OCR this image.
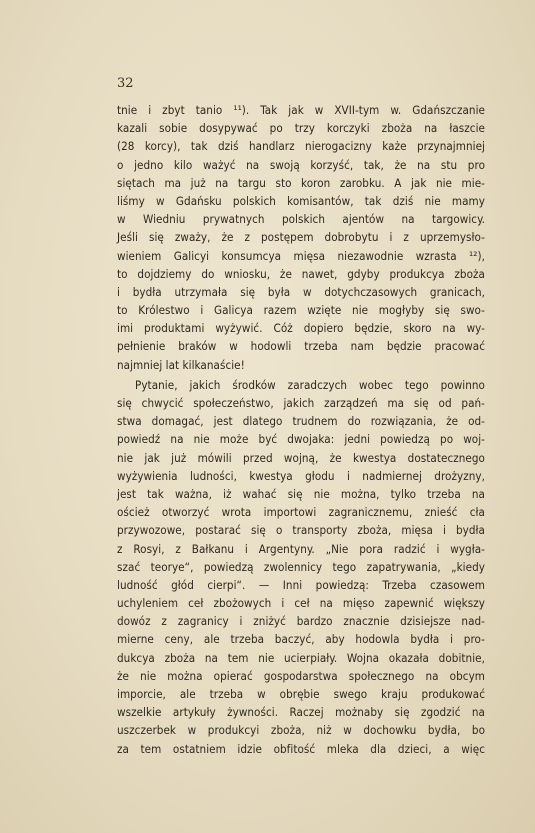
32
tnie i zbyt tanio ¹¹). Tak jak w XVII-tym w. Gdańszczanie
kazali sobie dosypywać po trzy korczyki zboża na łaszcie
(28 korcy), tak dziś handlarz nierogacizny każe przynajmniej
o jedno kilo ważyć na swoją korzyść, tak, że na stu pro
siętach ma już na targu sto koron zarobku. A jak nie mie-
liśmy w Gdańsku polskich komisantów, tak dziś nie mamy
w Wiedniu prywatnych polskich ajentów na targowicy.
Jeśli się zważy, że z postępem dobrobytu i z uprzemysło-
wieniem Galicyi konsumcya mięsa niezawodnie wzrasta ¹²),
to dojdziemy do wniosku, że nawet, gdyby produkcya zboża
i bydła utrzymała się była w dotychczasowych granicach,
to Królestwo i Galicya razem wzięte nie mogłyby się swo-
imi produktami wyżywić. Cóż dopiero będzie, skoro na wy-
pełnienie braków w hodowli trzeba nam będzie pracować
najmniej lat kilkanaście!
Pytanie, jakich środków zaradczych wobec tego powinno
się chwycić społeczeństwo, jakich zarządzeń ma się od pań-
stwa domagać, jest dlatego trudnem do rozwiązania, że od-
powiedź na nie może być dwojaka: jedni powiedzą po woj-
nie jak już mówili przed wojną, że kwestya dostatecznego
wyżywienia ludności, kwestya głodu i nadmiernej drożyzny,
jest tak ważna, iż wahać się nie można, tylko trzeba na
oścież otworzyć wrota importowi zagranicznemu, znieść cła
przywozowe, postarać się o transporty zboża, mięsa i bydła
z Rosyi, z Bałkanu i Argentyny. „Nie pora radzić i wygła-
szać teorye“, powiedzą zwolennicy tego zapatrywania, „kiedy
ludność głód cierpi“. — Inni powiedzą: Trzeba czasowem
uchyleniem ceł zbożowych i ceł na mięso zapewnić większy
dowóz z zagranicy i zniżyć bardzo znacznie dzisiejsze nad-
mierne ceny, ale trzeba baczyć, aby hodowla bydła i pro-
dukcya zboża na tem nie ucierpiały. Wojna okazała dobitnie,
że nie można opierać gospodarstwa społecznego na obcym
imporcie, ale trzeba w obrębie swego kraju produkować
wszelkie artykuły żywności. Raczej możnaby się zgodzić na
uszczerbek w produkcyi zboża, niż w dochowku bydła, bo
za tem ostatniem idzie obfitość mleka dla dzieci, a więc
